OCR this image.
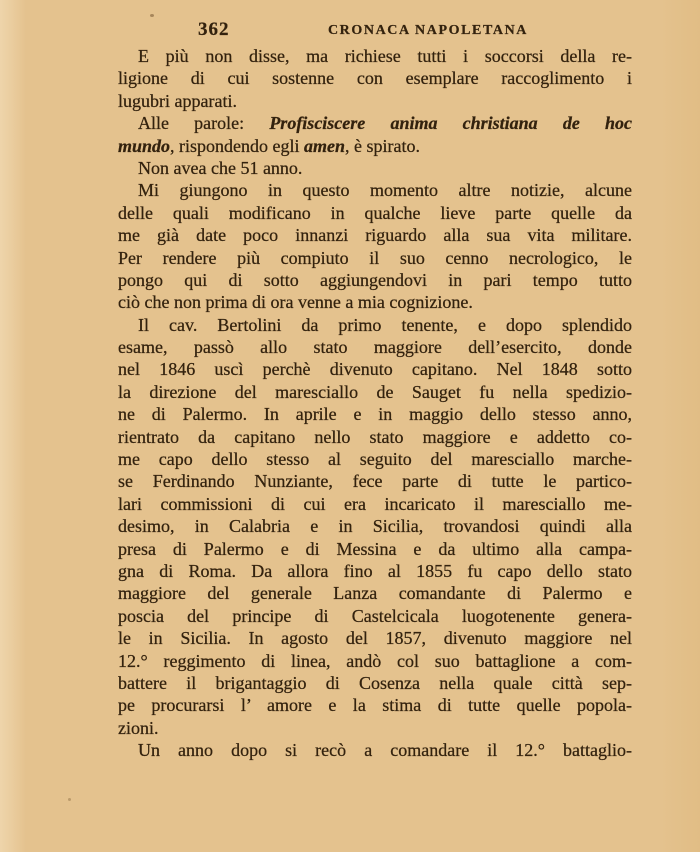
362	CRONACA NAPOLETANA
E più non disse, ma richiese tutti i soccorsi della re-
ligione di cui sostenne con esemplare raccoglimento i
lugubri apparati.
Alle parole: Profisciscere anima christiana de hoc
mundo, rispondendo egli amen, è spirato.
Non avea che 51 anno.
Mi giungono in questo momento altre notizie, alcune
delle quali modificano in qualche lieve parte quelle da
me già date poco innanzi riguardo alla sua vita militare.
Per rendere più compiuto il suo cenno necrologico, le
pongo qui di sotto aggiungendovi in pari tempo tutto
ciò che non prima di ora venne a mia cognizione.
Il cav. Bertolini da primo tenente, e dopo splendido
esame, passò allo stato maggiore dell’esercito, donde
nel 1846 uscì perchè divenuto capitano. Nel 1848 sotto
la direzione del maresciallo de Sauget fu nella spedizio-
ne di Palermo. In aprile e in maggio dello stesso anno,
rientrato da capitano nello stato maggiore e addetto co-
me capo dello stesso al seguito del maresciallo marche-
se Ferdinando Nunziante, fece parte di tutte le partico-
lari commissioni di cui era incaricato il maresciallo me-
desimo, in Calabria e in Sicilia, trovandosi quindi alla
presa di Palermo e di Messina e da ultimo alla campa-
gna di Roma. Da allora fino al 1855 fu capo dello stato
maggiore del generale Lanza comandante di Palermo e
poscia del principe di Castelcicala luogotenente genera-
le in Sicilia. In agosto del 1857, divenuto maggiore nel
12.° reggimento di linea, andò col suo battaglione a com-
battere il brigantaggio di Cosenza nella quale città sep-
pe procurarsi l’ amore e la stima di tutte quelle popola-
zioni.
Un anno dopo si recò a comandare il 12.° battaglio-
